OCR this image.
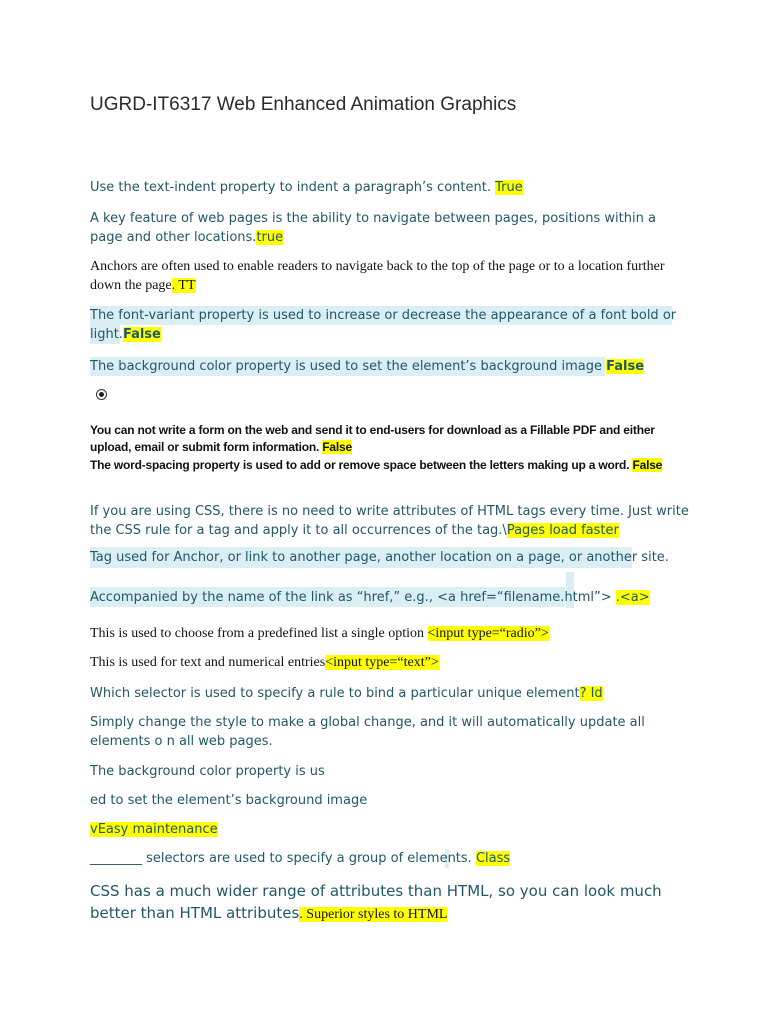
UGRD-IT6317 Web Enhanced Animation Graphics

Use the text-indent property to indent a paragraph’s content. True

A key feature of web pages is the ability to navigate between pages, positions within a page and other locations.true

Anchors are often used to enable readers to navigate back to the top of the page or to a location further down the page. TT

The font-variant property is used to increase or decrease the appearance of a font bold or light.False

The background color property is used to set the element’s background image False

You can not write a form on the web and send it to end-users for download as a Fillable PDF and either upload, email or submit form information. False

The word-spacing property is used to add or remove space between the letters making up a word. False

If you are using CSS, there is no need to write attributes of HTML tags every time. Just write the CSS rule for a tag and apply it to all occurrences of the tag.\Pages load faster

Tag used for Anchor, or link to another page, another location on a page, or another site.

Accompanied by the name of the link as “href,” e.g., <a href=“filename.html”> .<a>

This is used to choose from a predefined list a single option <input type=“radio”>

This is used for text and numerical entries<input type=“text”>

Which selector is used to specify a rule to bind a particular unique element? Id

Simply change the style to make a global change, and it will automatically update all elements o n all web pages.

The background color property is us

ed to set the element’s background image

vEasy maintenance

________ selectors are used to specify a group of elements. Class

CSS has a much wider range of attributes than HTML, so you can look much better than HTML attributes. Superior styles to HTML
